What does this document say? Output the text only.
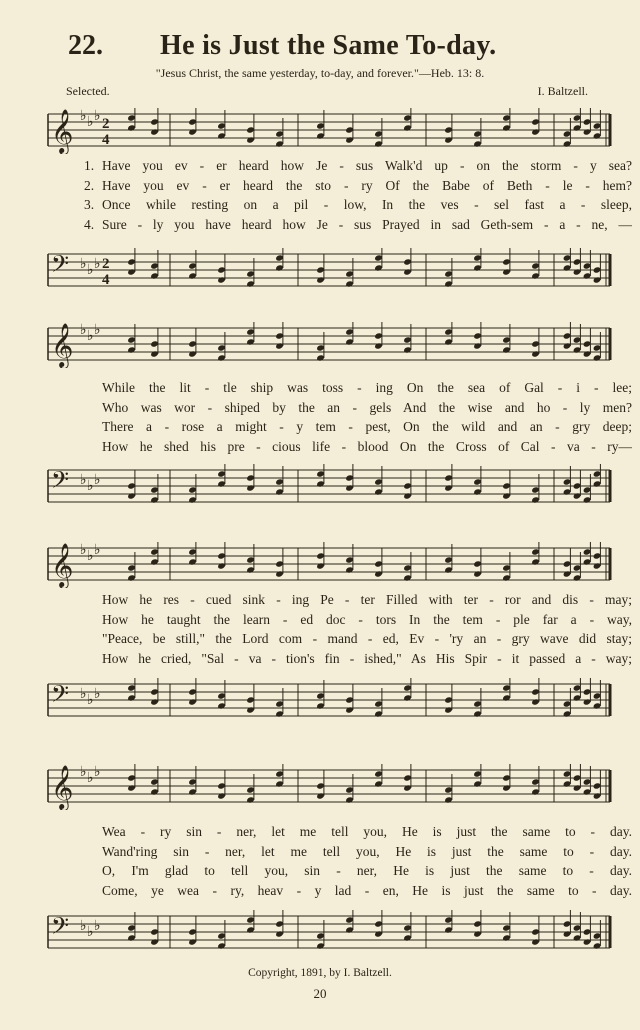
22. He is Just the Same To-day.
"Jesus Christ, the same yesterday, to-day, and forever."—Heb. 13: 8.
Selected.	I. Baltzell.
𝄞 ♭ ♭ ♭ 2
4
1. Have you ev - er heard how Je - sus Walk'd up - on the storm - y sea?
2. Have you ev - er heard the sto - ry Of the Babe of Beth - le - hem?
3. Once while resting on a pil - low, In the ves - sel fast a - sleep,
4. Sure - ly you have heard how Je - sus Prayed in sad Geth-sem - a - ne, —
𝄢 ♭ ♭ ♭ 2
4
𝄞 ♭ ♭ ♭
While the lit - tle ship was toss - ing On the sea of Gal - i - lee;
Who was wor - shiped by the an - gels And the wise and ho - ly men?
There a - rose a might - y tem - pest, On the wild and an - gry deep;
How he shed his pre - cious life - blood On the Cross of Cal - va - ry—
𝄢 ♭ ♭ ♭
𝄞 ♭ ♭ ♭
How he res - cued sink - ing Pe - ter Filled with ter - ror and dis - may;
How he taught the learn - ed doc - tors In the tem - ple far a - way,
"Peace, be still," the Lord com - mand - ed, Ev - 'ry an - gry wave did stay;
How he cried, "Sal - va - tion's fin - ished," As His Spir - it passed a - way;
𝄢 ♭ ♭ ♭
𝄞 ♭ ♭ ♭
Wea - ry sin - ner, let me tell you, He is just the same to - day.
Wand'ring sin - ner, let me tell you, He is just the same to - day.
O, I'm glad to tell you, sin - ner, He is just the same to - day.
Come, ye wea - ry, heav - y lad - en, He is just the same to - day.
𝄢 ♭ ♭ ♭
Copyright, 1891, by I. Baltzell.
20
